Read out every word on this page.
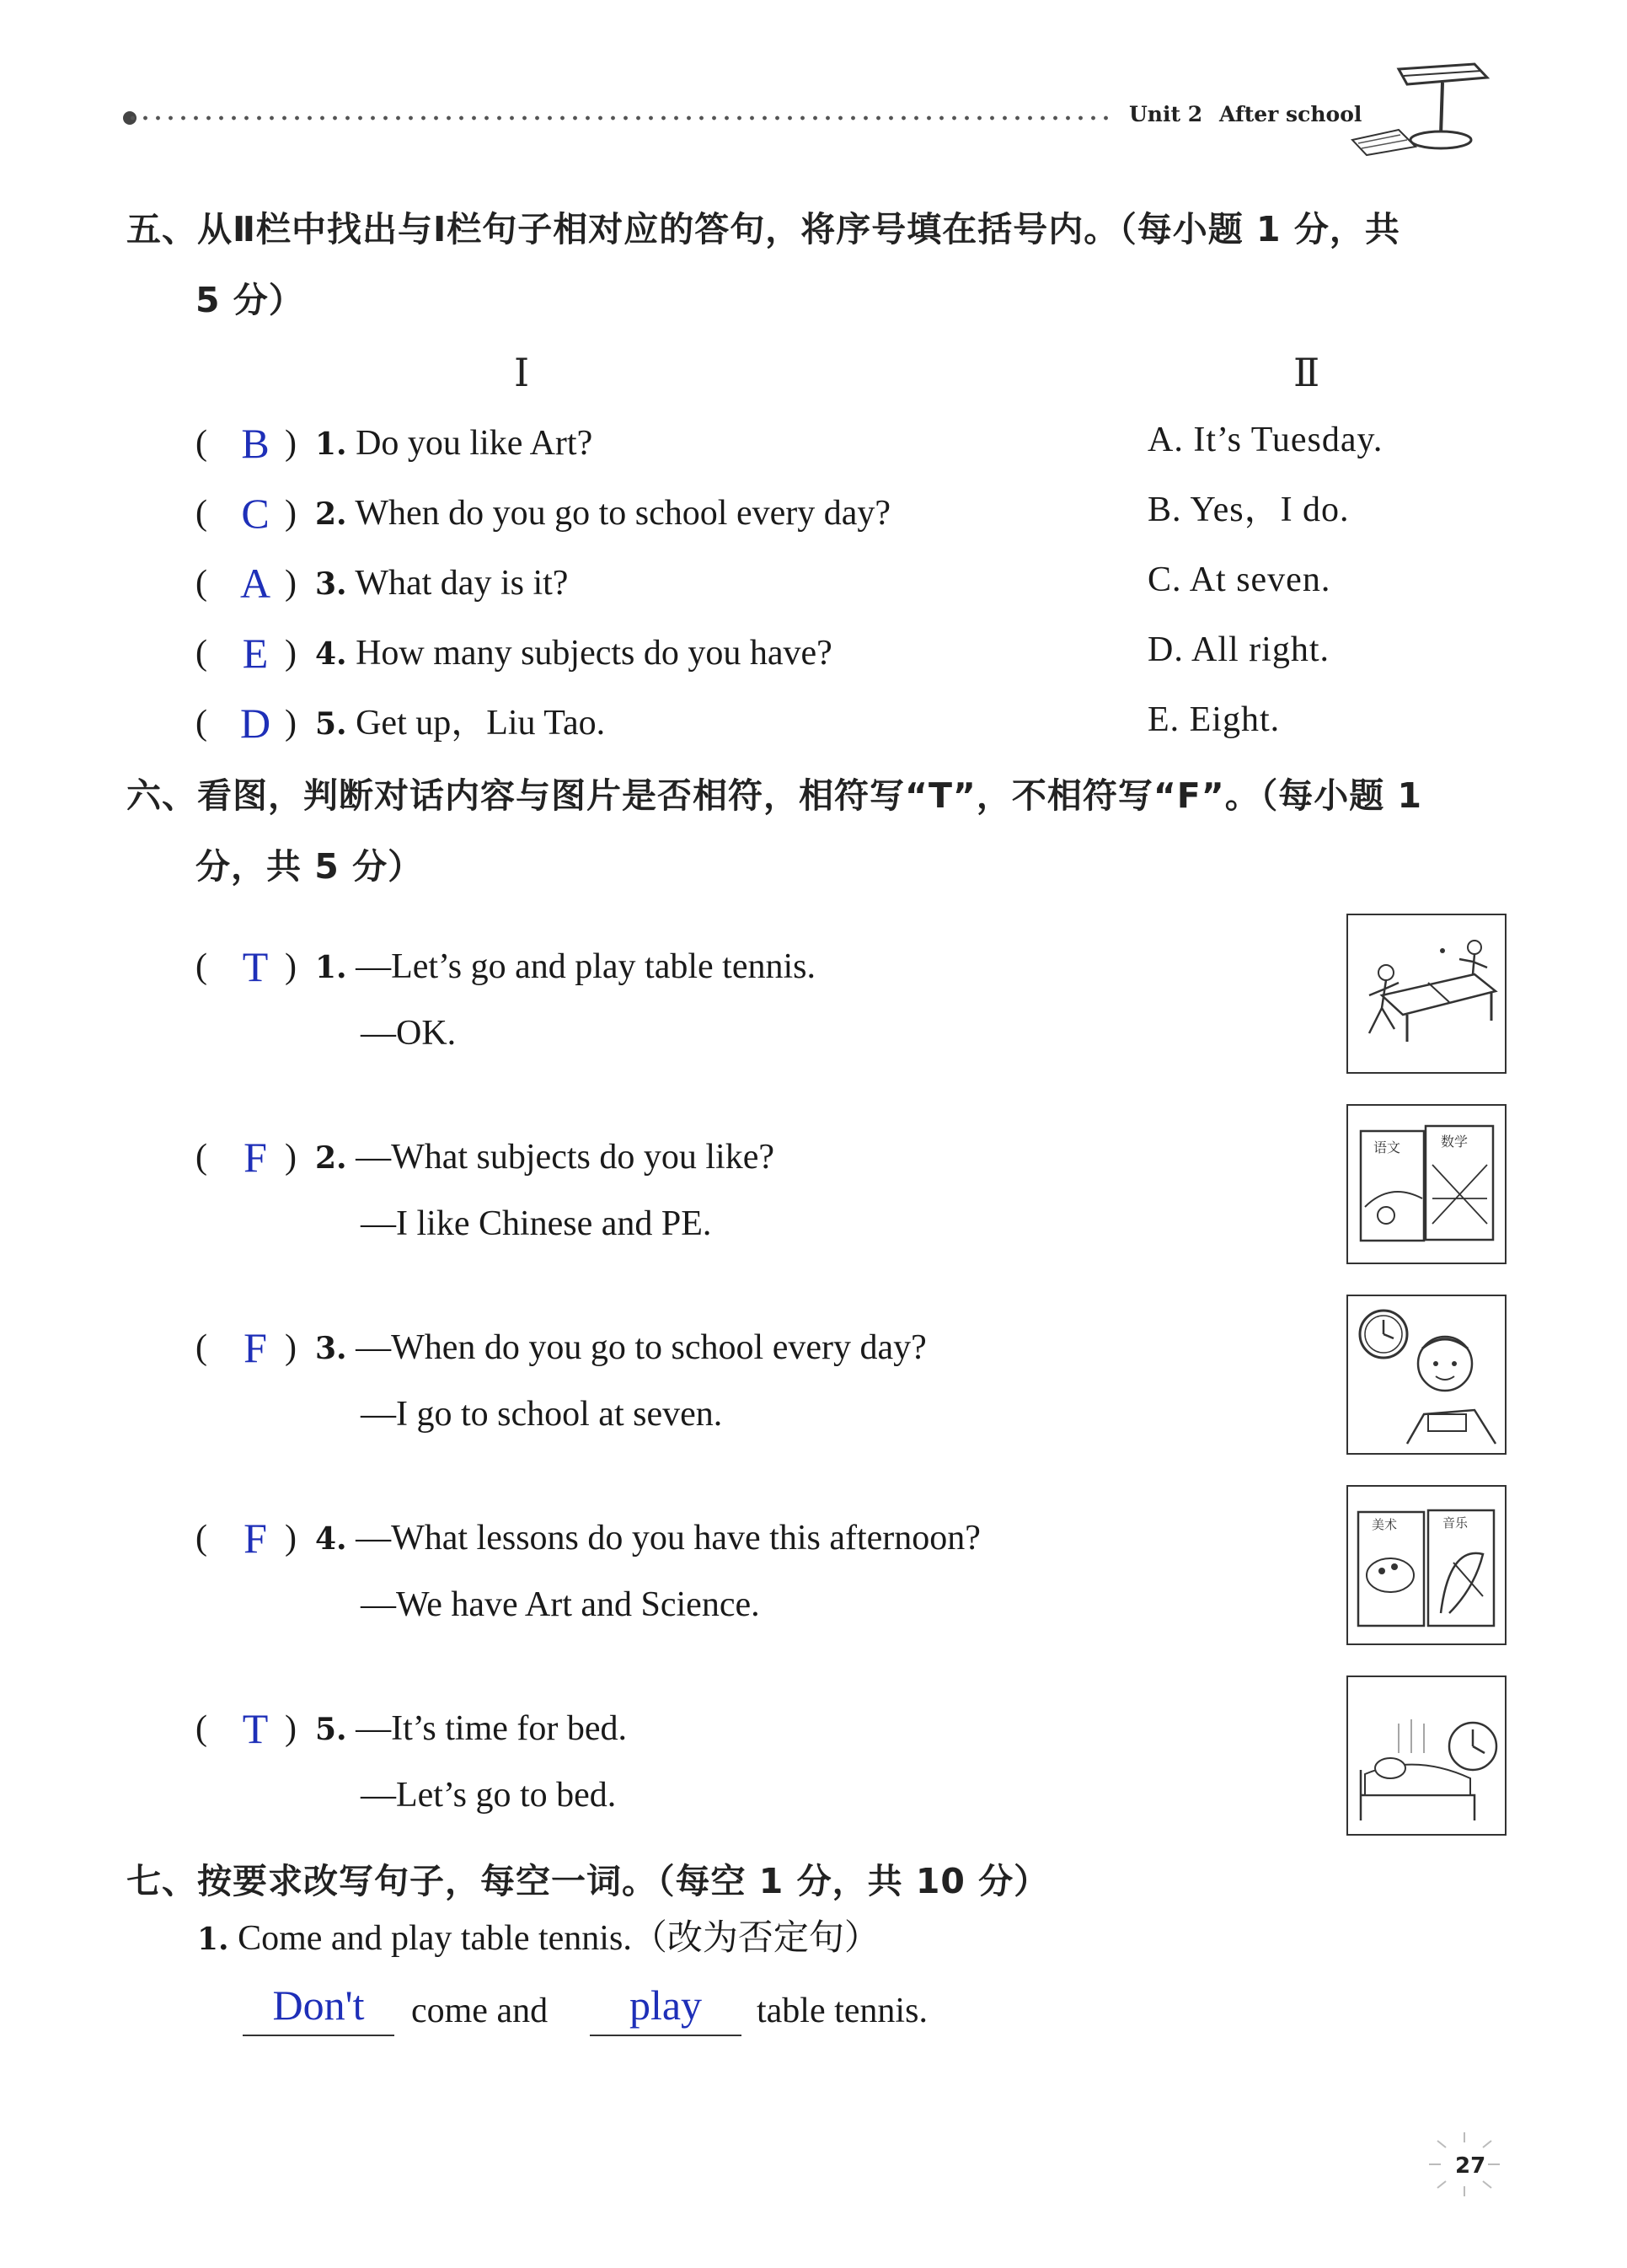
Unit 2 After school
五、从Ⅱ栏中找出与Ⅰ栏句子相对应的答句，将序号填在括号内。（每小题 1 分，共
5 分）
Ⅰ	Ⅱ
( B ) 1. Do you like Art?
( C ) 2. When do you go to school every day?
( A ) 3. What day is it?
( E ) 4. How many subjects do you have?
( D ) 5. Get up，Liu Tao.
A. It’s Tuesday.
B. Yes，I do.
C. At seven.
D. All right.
E. Eight.
六、看图，判断对话内容与图片是否相符，相符写“T”，不相符写“F”。（每小题 1
分，共 5 分）
( T ) 1. —Let’s go and play table tennis.
—OK.
( F ) 2. —What subjects do you like?
—I like Chinese and PE.
( F ) 3. —When do you go to school every day?
—I go to school at seven.
( F ) 4. —What lessons do you have this afternoon?
—We have Art and Science.
( T ) 5. —It’s time for bed.
—Let’s go to bed.
语文	数学
美术	音乐
七、按要求改写句子，每空一词。（每空 1 分，共 10 分）
1. Come and play table tennis.（改为否定句）
Don't	come and	play	table tennis.
27
